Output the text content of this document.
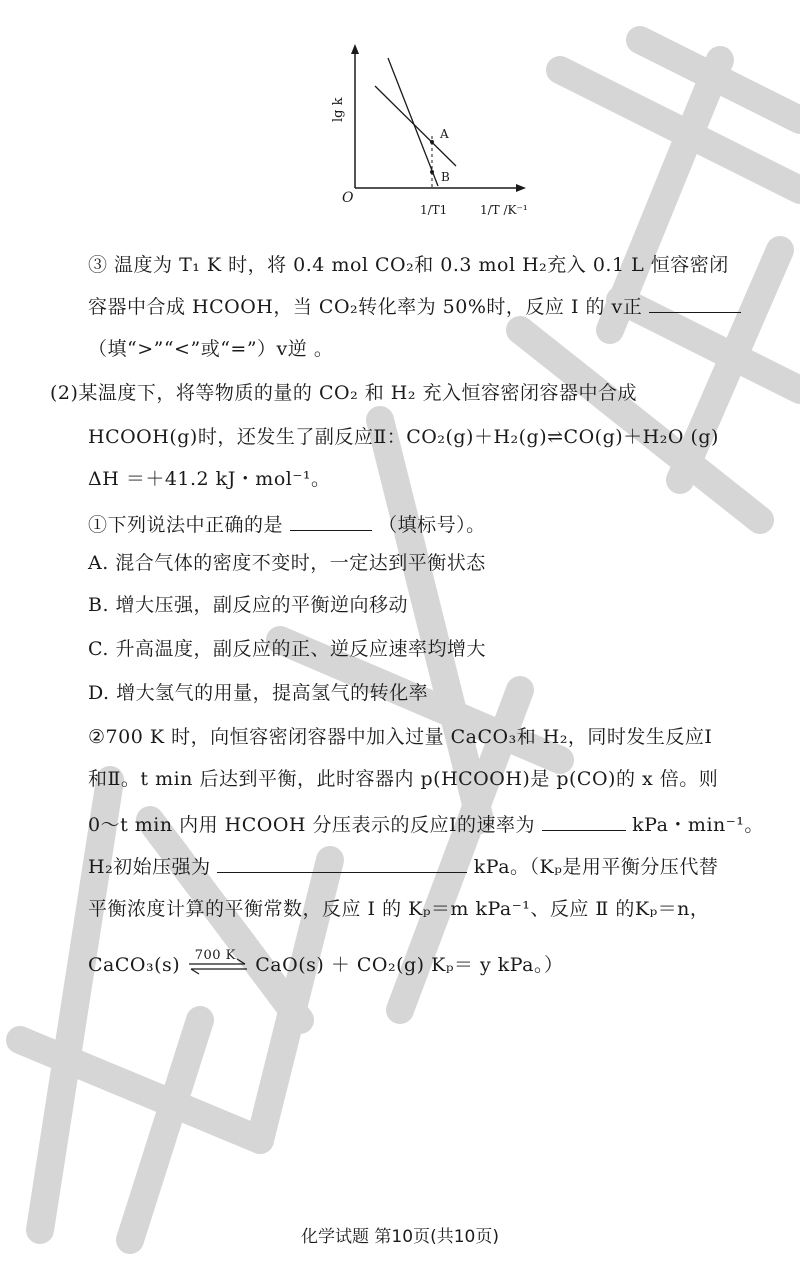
lg k
O
A
B
1/T1	1/T /K⁻¹
③ 温度为 T₁ K 时，将 0.4 mol CO₂和 0.3 mol H₂充入 0.1 L 恒容密闭
容器中合成 HCOOH，当 CO₂转化率为 50%时，反应 Ⅰ 的 v正
（填“>”“<”或“=”）v逆 。
(2)某温度下，将等物质的量的 CO₂ 和 H₂ 充入恒容密闭容器中合成
HCOOH(g)时，还发生了副反应Ⅱ：CO₂(g)＋H₂(g)⇌CO(g)＋H₂O (g)
ΔH ＝＋41.2 kJ・mol⁻¹。
①下列说法中正确的是	（填标号）。
A. 混合气体的密度不变时，一定达到平衡状态
B. 增大压强，副反应的平衡逆向移动
C. 升高温度，副反应的正、逆反应速率均增大
D. 增大氢气的用量，提高氢气的转化率
②700 K 时，向恒容密闭容器中加入过量 CaCO₃和 H₂，同时发生反应Ⅰ
和Ⅱ。t min 后达到平衡，此时容器内 p(HCOOH)是 p(CO)的 x 倍。则
0～t min 内用 HCOOH 分压表示的反应Ⅰ的速率为	kPa・min⁻¹。
H₂初始压强为	kPa。（Kₚ是用平衡分压代替
平衡浓度计算的平衡常数，反应 Ⅰ 的 Kₚ＝m kPa⁻¹、反应 Ⅱ 的Kₚ＝n，
CaCO₃(s) 700 K CaO(s) ＋ CO₂(g) Kₚ＝ y kPa。）
化学试题 第10页(共10页)
